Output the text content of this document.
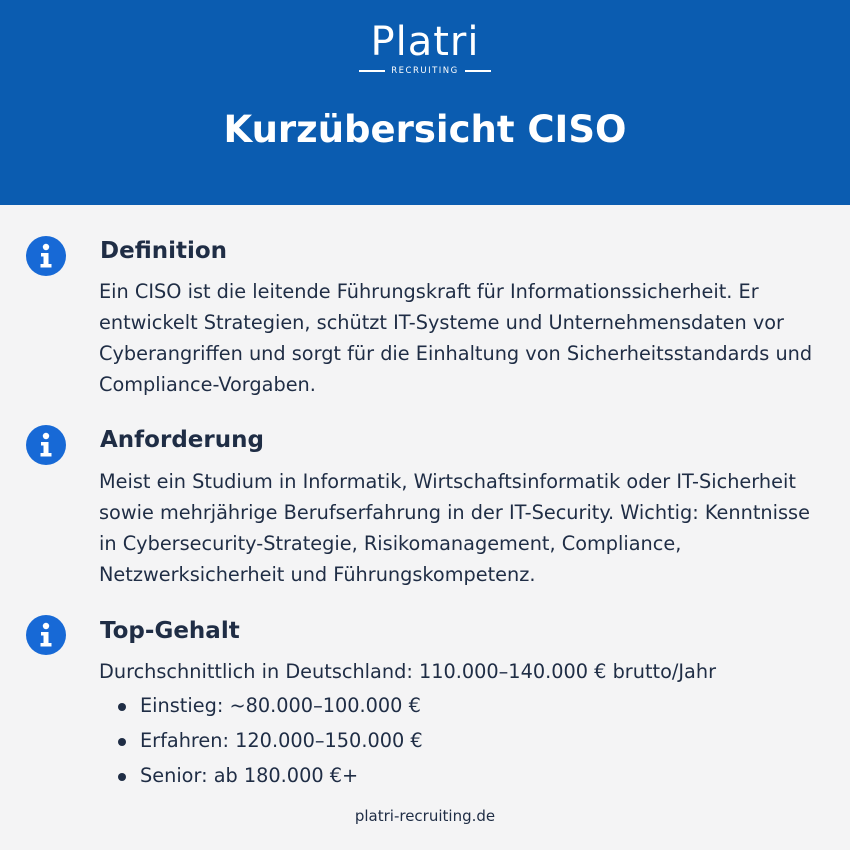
Platri
RECRUITING
Kurzübersicht CISO
Definition
Ein CISO ist die leitende Führungskraft für Informationssicherheit. Er entwickelt Strategien, schützt IT-Systeme und Unternehmensdaten vor Cyberangriffen und sorgt für die Einhaltung von Sicherheitsstandards und Compliance-Vorgaben.
Anforderung
Meist ein Studium in Informatik, Wirtschaftsinformatik oder IT-Sicherheit sowie mehrjährige Berufserfahrung in der IT-Security. Wichtig: Kenntnisse in Cybersecurity-Strategie, Risikomanagement, Compliance, Netzwerksicherheit und Führungskompetenz.
Top-Gehalt
Durchschnittlich in Deutschland: 110.000–140.000 € brutto/Jahr
Einstieg: ~80.000–100.000 €
Erfahren: 120.000–150.000 €
Senior: ab 180.000 €+
platri-recruiting.de
